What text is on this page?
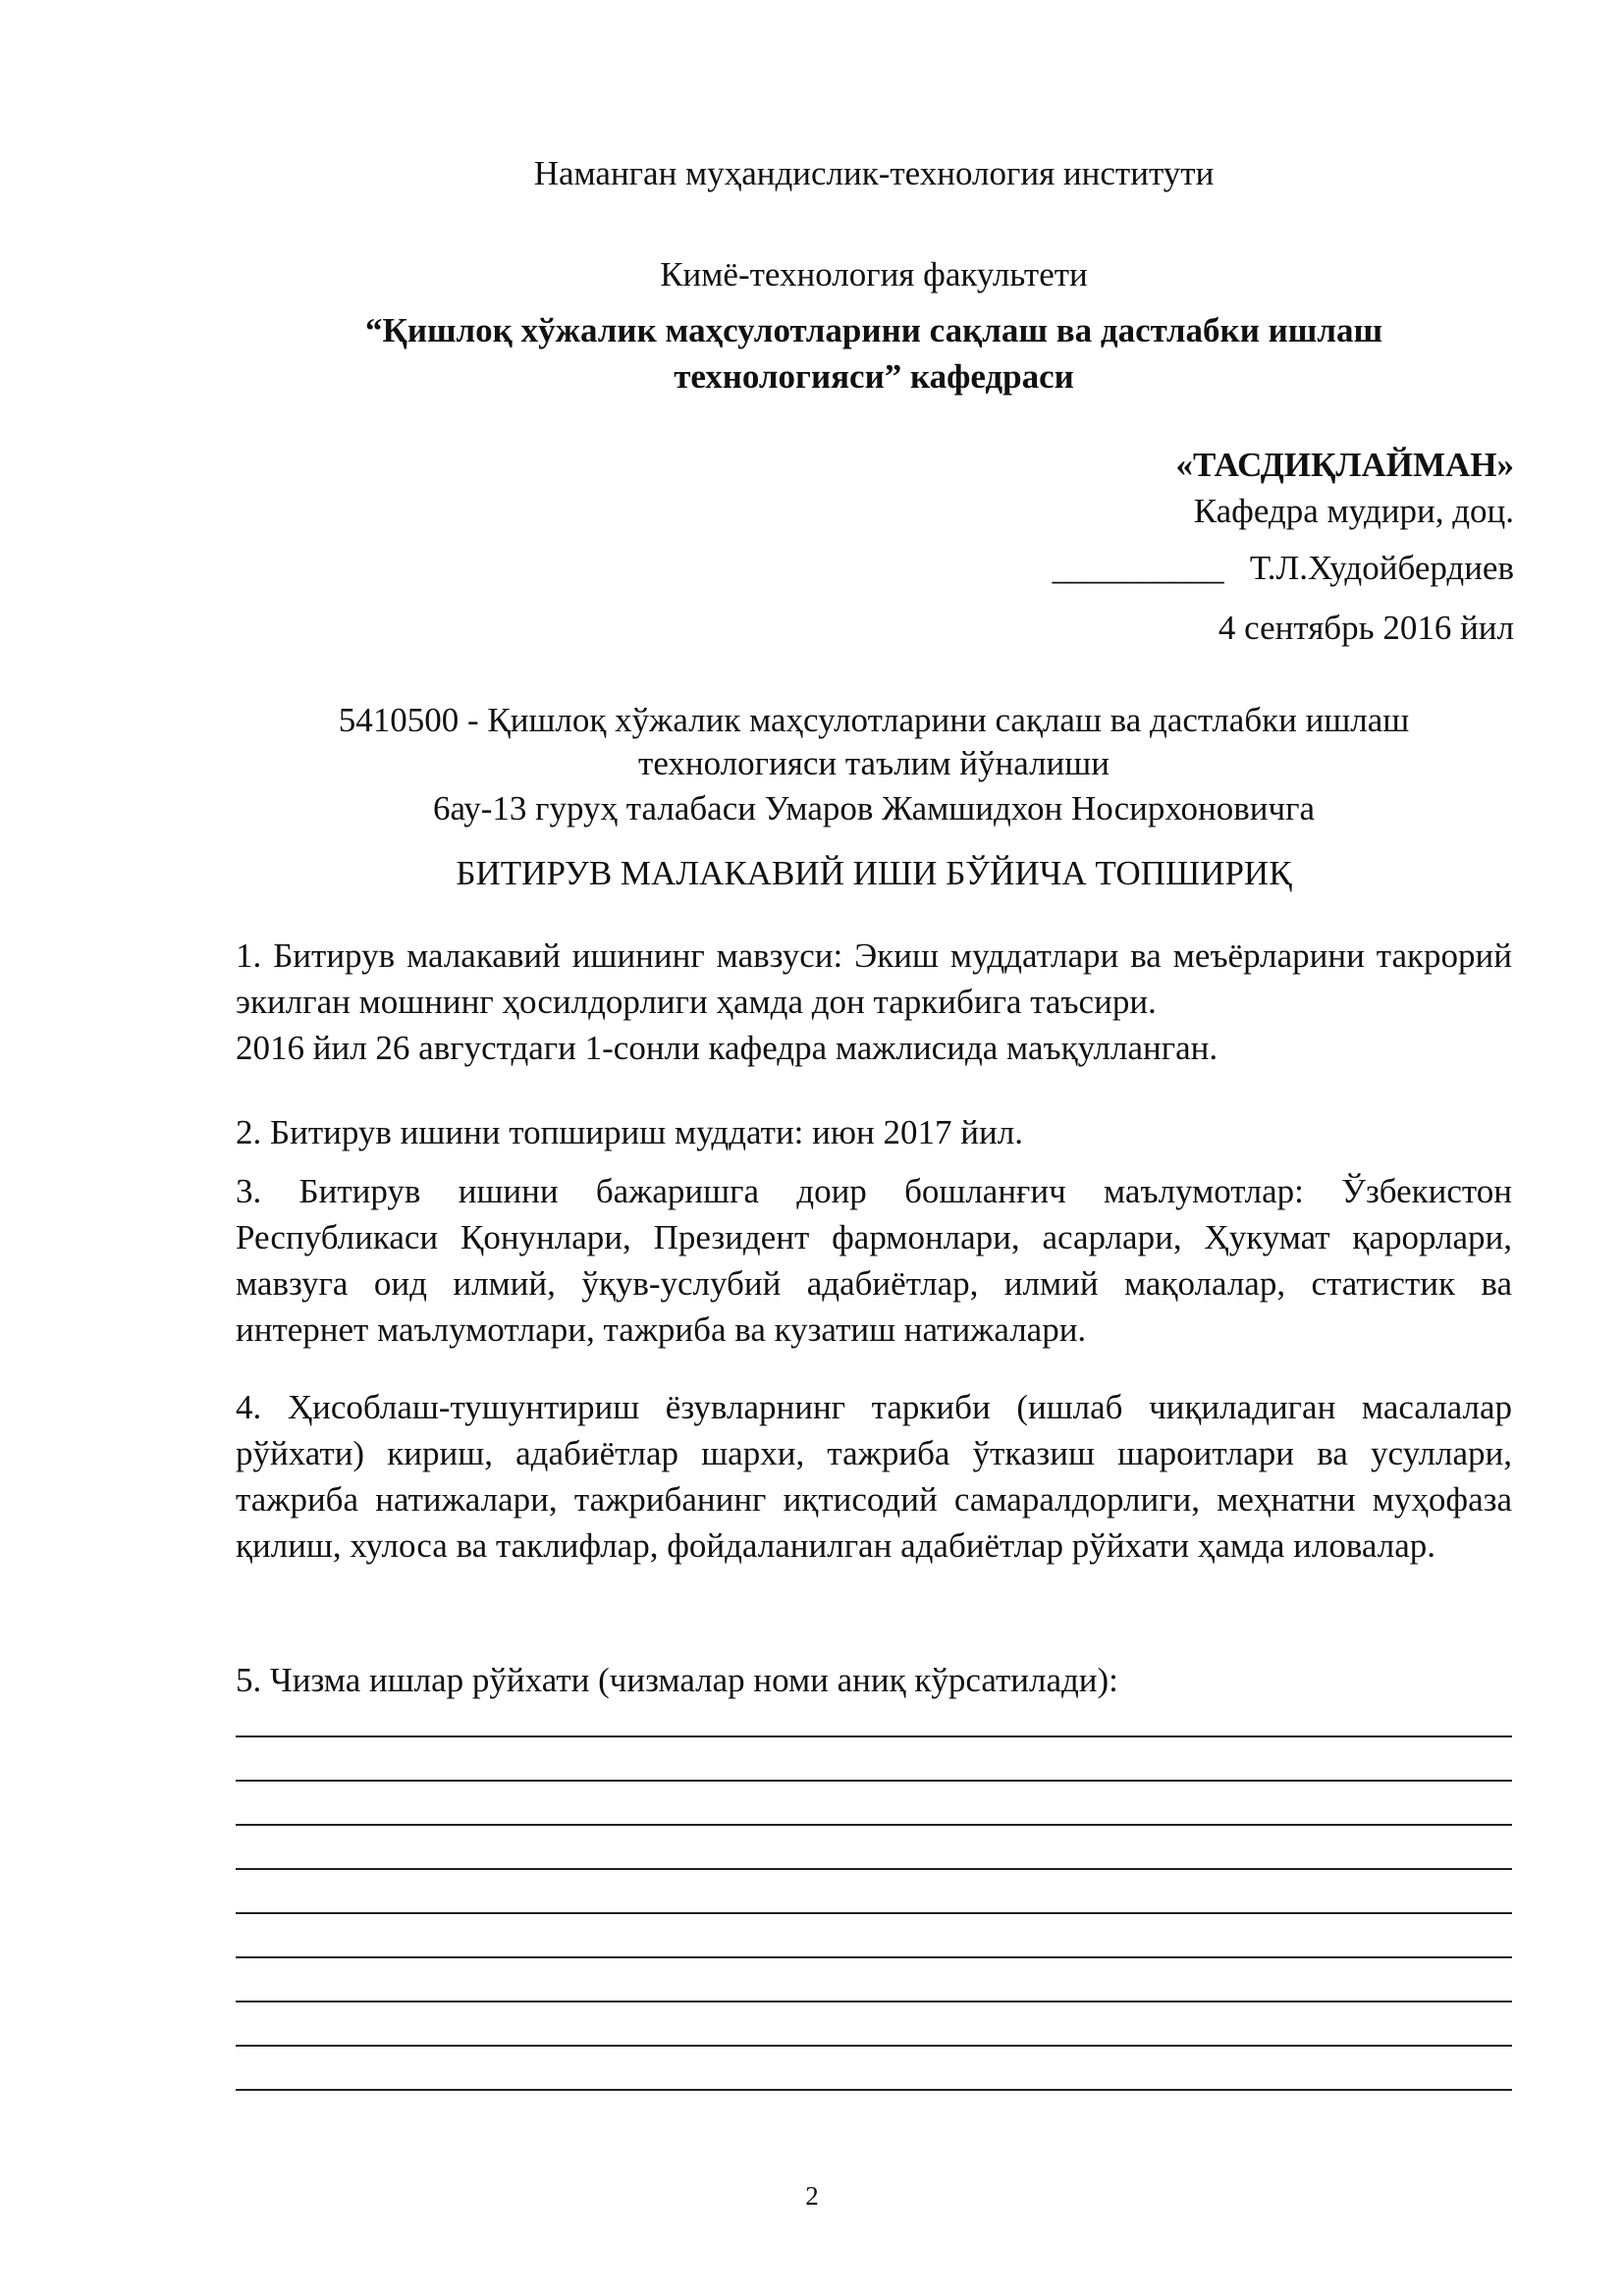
Наманган муҳандислик-технология институти
Кимё-технология факультети
“Қишлоқ хўжалик маҳсулотларини сақлаш ва дастлабки ишлаш
технологияси” кафедраси
«ТАСДИҚЛАЙМАН»
Кафедра мудири, доц.
__________ Т.Л.Худойбердиев
4 сентябрь 2016 йил
5410500 - Қишлоқ хўжалик маҳсулотларини сақлаш ва дастлабки ишлаш
технологияси таълим йўналиши
6ау-13 гуруҳ талабаси Умаров Жамшидхон Носирхоновичга
БИТИРУВ МАЛАКАВИЙ ИШИ БЎЙИЧА ТОПШИРИҚ

1. Битирув малакавий ишининг мавзуси: Экиш муддатлари ва меъёрларини такрорий экилган мошнинг ҳосилдорлиги ҳамда дон таркибига таъсири.

2016 йил 26 августдаги 1-сонли кафедра мажлисида маъқулланган.

2. Битирув ишини топшириш муддати: июн 2017 йил.

3. Битирув ишини бажаришга доир бошланғич маълумотлар: Ўзбекистон Республикаси Қонунлари, Президент фармонлари, асарлари, Ҳукумат қарорлари, мавзуга оид илмий, ўқув-услубий адабиётлар, илмий мақолалар, статистик ва интернет маълумотлари, тажриба ва кузатиш натижалари.

4. Ҳисоблаш-тушунтириш ёзувларнинг таркиби (ишлаб чиқиладиган масалалар рўйхати) кириш, адабиётлар шархи, тажриба ўтказиш шароитлари ва усуллари, тажриба натижалари, тажрибанинг иқтисодий самаралдорлиги, меҳнатни муҳофаза қилиш, хулоса ва таклифлар, фойдаланилган адабиётлар рўйхати ҳамда иловалар.

5. Чизма ишлар рўйхати (чизмалар номи аниқ кўрсатилади):

2
